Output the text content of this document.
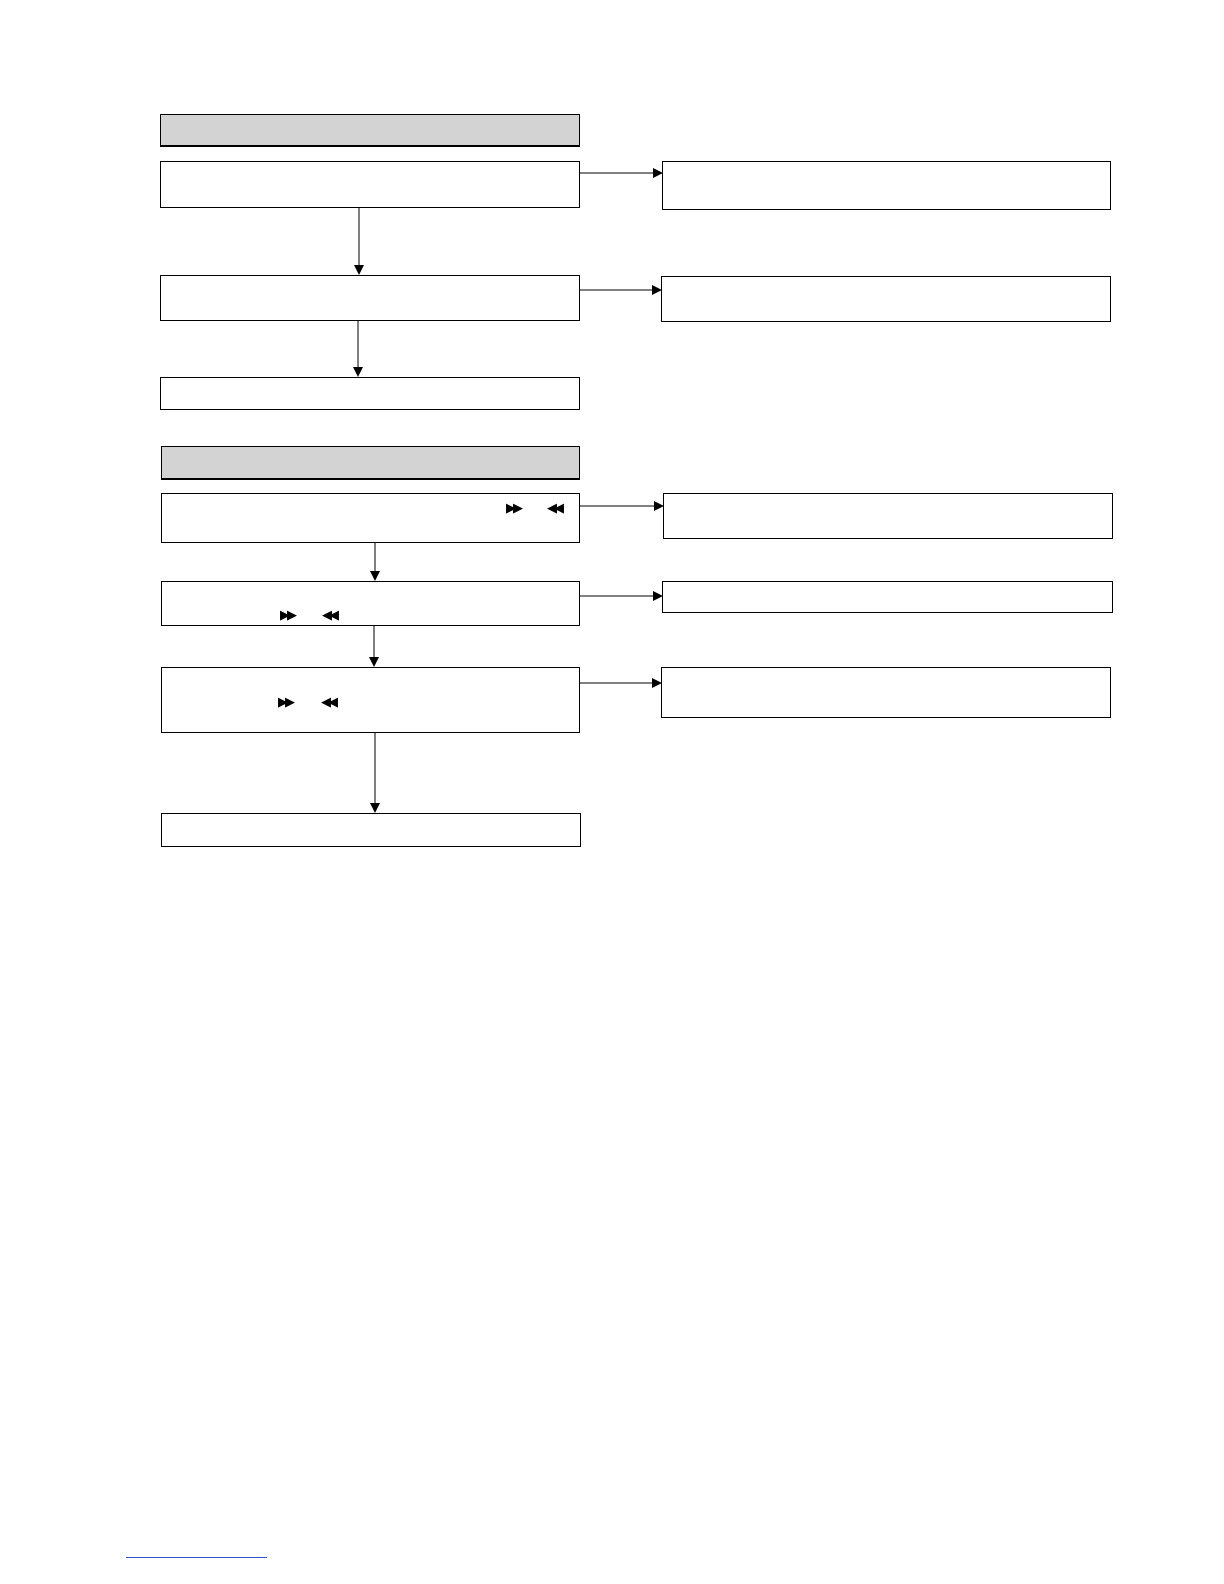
▶▶ ◀◀
▶▶ ◀◀
▶▶ ◀◀
